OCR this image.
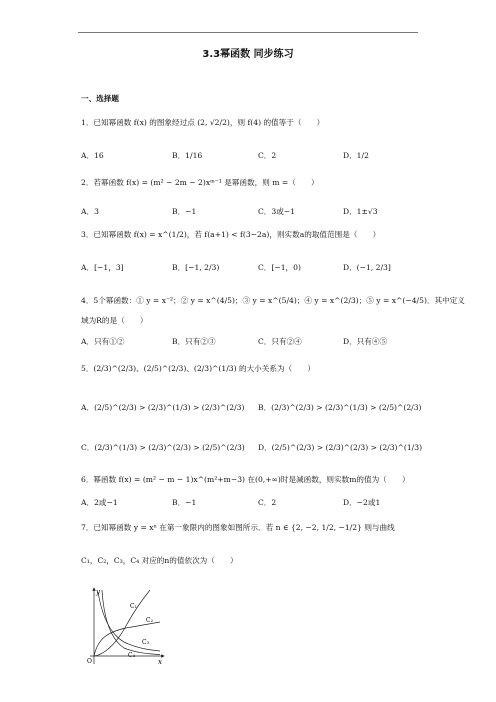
3.3幂函数 同步练习
一、选择题
1．已知幂函数 f(x) 的图象经过点 (2, √2/2)，则 f(4) 的值等于（　　）
A．16	B．1/16	C．2	D．1/2
2．若幂函数 f(x) = (m² − 2m − 2)xᵐ⁻¹ 是幂函数，则 m =（　　）
A．3	B．−1	C．3或−1	D．1±√3
3．已知幂函数 f(x) = x^(1/2)，若 f(a+1) < f(3−2a)，则实数a的取值范围是（　　）
A．[−1，3]	B．[−1, 2/3)	C．[−1，0)	D．(−1, 2/3]
4．5个幂函数：① y = x⁻²；② y = x^(4/5)；③ y = x^(5/4)；④ y = x^(2/3)；⑤ y = x^(−4/5)．其中定义
域为R的是（　　）
A．只有①②	B．只有②③	C．只有②④	D．只有④⑤
5．(2/3)^(2/3)、(2/5)^(2/3)、(2/3)^(1/3) 的大小关系为（　　）
A．(2/5)^(2/3) > (2/3)^(1/3) > (2/3)^(2/3) B．(2/3)^(2/3) > (2/3)^(1/3) > (2/5)^(2/3)
C．(2/3)^(1/3) > (2/3)^(2/3) > (2/5)^(2/3) D．(2/5)^(2/3) > (2/3)^(2/3) > (2/3)^(1/3)
6．幂函数 f(x) = (m² − m − 1)x^(m²+m−3) 在(0,+∞)时是减函数，则实数m的值为（　　）
A．2或−1	B．−1	C．2	D．−2或1
7．已知幂函数 y = xⁿ 在第一象限内的图象如图所示．若 n ∈ {2, −2, 1/2, −1/2} 则与曲线
C₁，C₂，C₃，C₄ 对应的n的值依次为（　　）
y
x
O
C₁
C₂
C₃
C₄
